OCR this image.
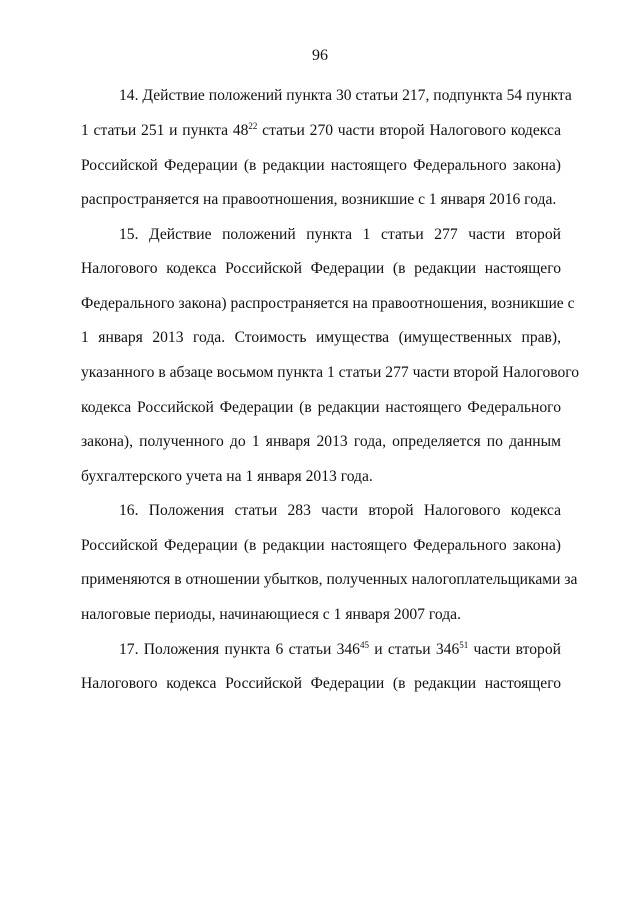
96
14. Действие положений пункта 30 статьи 217, подпункта 54 пункта
1 статьи 251 и пункта $48^{22}$ статьи 270 части второй Налогового кодекса
Российской Федерации (в редакции настоящего Федерального закона)
распространяется на правоотношения, возникшие с 1 января 2016 года.
15. Действие положений пункта 1 статьи 277 части второй
Налогового кодекса Российской Федерации (в редакции настоящего
Федерального закона) распространяется на правоотношения, возникшие с
1 января 2013 года. Стоимость имущества (имущественных прав),
указанного в абзаце восьмом пункта 1 статьи 277 части второй Налогового
кодекса Российской Федерации (в редакции настоящего Федерального
закона), полученного до 1 января 2013 года, определяется по данным
бухгалтерского учета на 1 января 2013 года.
16. Положения статьи 283 части второй Налогового кодекса
Российской Федерации (в редакции настоящего Федерального закона)
применяются в отношении убытков, полученных налогоплательщиками за
налоговые периоды, начинающиеся с 1 января 2007 года.
17. Положения пункта 6 статьи $346^{45}$ и статьи $346^{51}$ части второй
Налогового кодекса Российской Федерации (в редакции настоящего
